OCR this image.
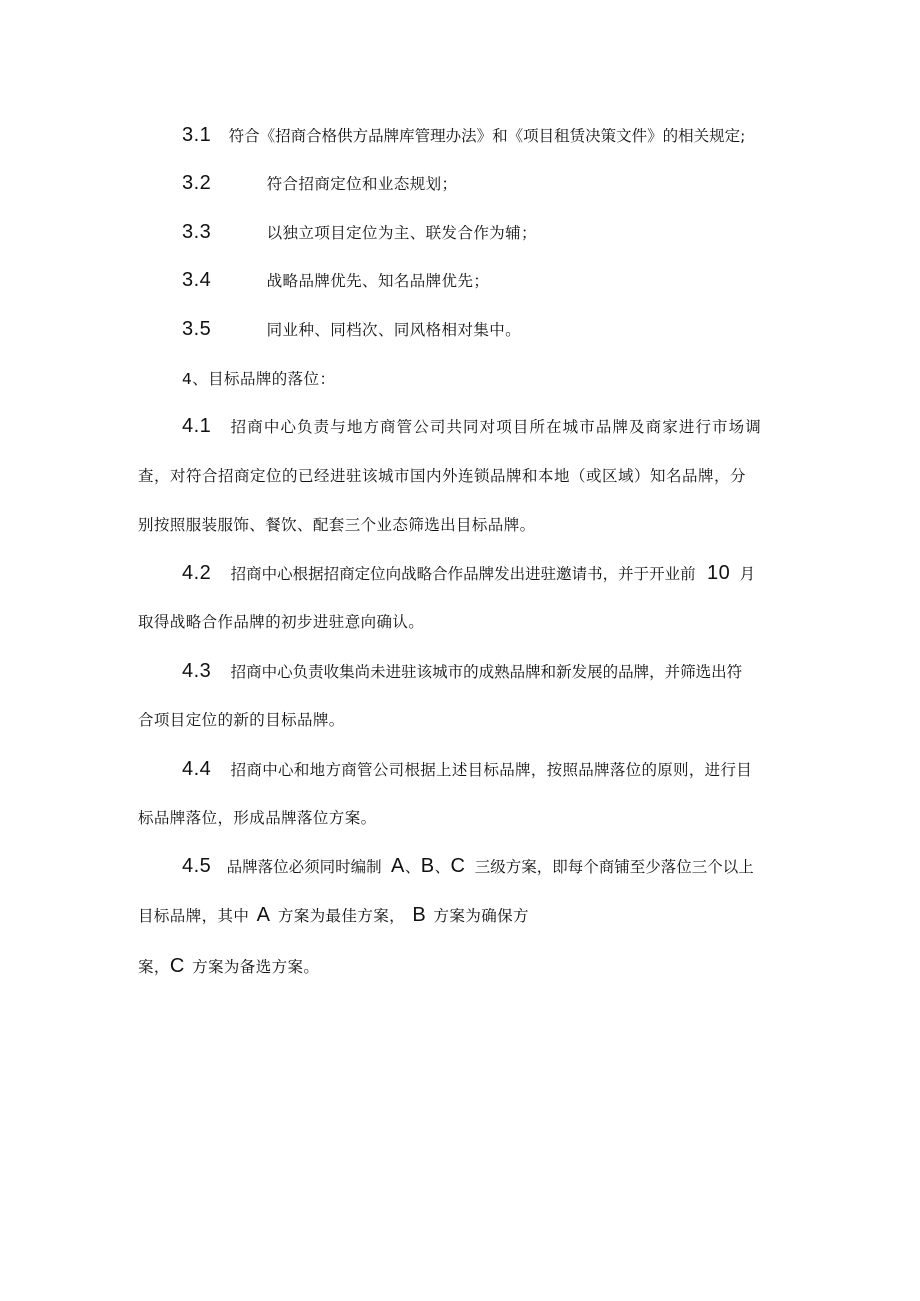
3.1 符合《招商合格供方品牌库管理办法》和《项目租赁决策文件》的相关规定;
3.2	符合招商定位和业态规划；
3.3	以独立项目定位为主、联发合作为辅；
3.4	战略品牌优先、知名品牌优先；
3.5	同业种、同档次、同风格相对集中。
4、目标品牌的落位：
4.1 招商中心负责与地方商管公司共同对项目所在城市品牌及商家进行市场调
查，对符合招商定位的已经进驻该城市国内外连锁品牌和本地（或区域）知名品牌，分
别按照服装服饰、餐饮、配套三个业态筛选出目标品牌。
4.2 招商中心根据招商定位向战略合作品牌发出进驻邀请书，并于开业前 10 月
取得战略合作品牌的初步进驻意向确认。
4.3 招商中心负责收集尚未进驻该城市的成熟品牌和新发展的品牌，并筛选出符
合项目定位的新的目标品牌。
4.4 招商中心和地方商管公司根据上述目标品牌，按照品牌落位的原则，进行目
标品牌落位，形成品牌落位方案。
4.5 品牌落位必须同时编制 A、B、C 三级方案，即每个商铺至少落位三个以上
目标品牌，其中 A 方案为最佳方案， B 方案为确保方
案，C 方案为备选方案。
